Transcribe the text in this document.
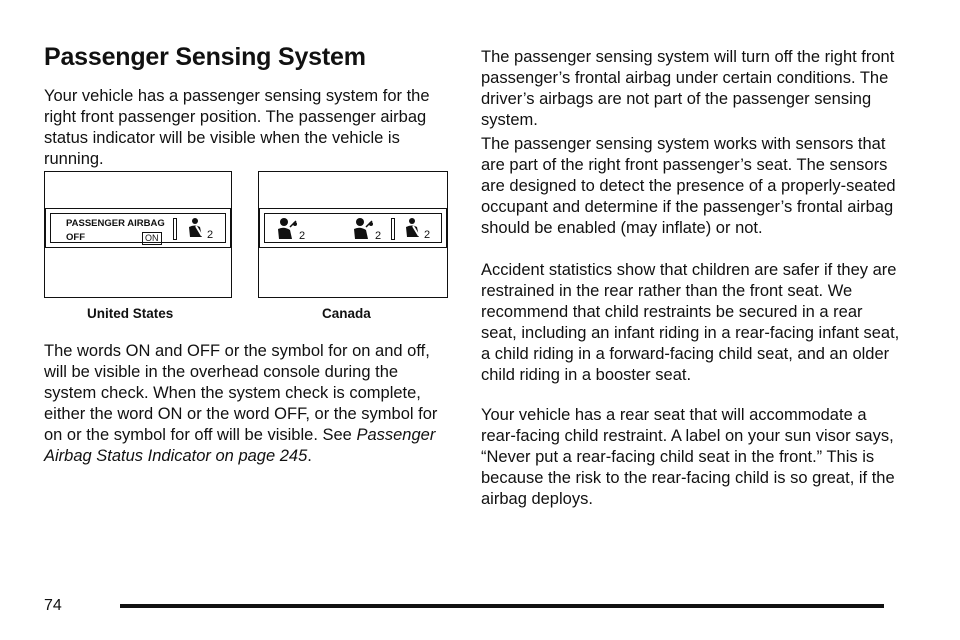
Passenger Sensing System

Your vehicle has a passenger sensing system for the right front passenger position. The passenger airbag status indicator will be visible when the vehicle is running.

PASSENGER AIRBAG
OFF	ON	2
United States
2	2	2
Canada

The words ON and OFF or the symbol for on and off, will be visible in the overhead console during the system check. When the system check is complete, either the word ON or the word OFF, or the symbol for on or the symbol for off will be visible. See Passenger Airbag Status Indicator on page 245.

The passenger sensing system will turn off the right front passenger’s frontal airbag under certain conditions. The driver’s airbags are not part of the passenger sensing system.

The passenger sensing system works with sensors that are part of the right front passenger’s seat. The sensors are designed to detect the presence of a properly-seated occupant and determine if the passenger’s frontal airbag should be enabled (may inflate) or not.

Accident statistics show that children are safer if they are restrained in the rear rather than the front seat. We recommend that child restraints be secured in a rear seat, including an infant riding in a rear-facing infant seat, a child riding in a forward-facing child seat, and an older child riding in a booster seat.

Your vehicle has a rear seat that will accommodate a rear-facing child restraint. A label on your sun visor says, “Never put a rear-facing child seat in the front.” This is because the risk to the rear-facing child is so great, if the airbag deploys.

74
